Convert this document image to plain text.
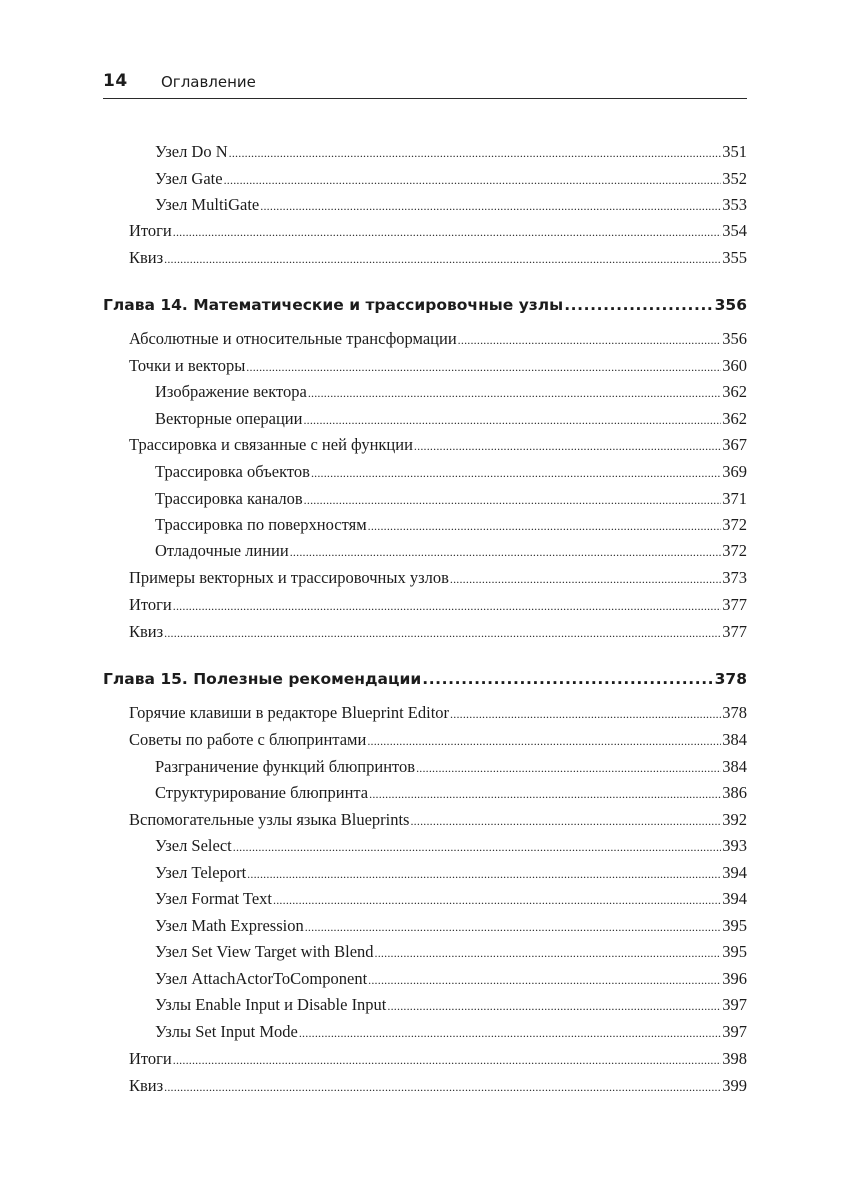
14 Оглавление
Узел Do N .....	351
Узел Gate .....	352
Узел MultiGate .....	353
Итоги .....	354
Квиз .....	355
Глава 14. Математические и трассировочные узлы .....	356
Абсолютные и относительные трансформации .....	356
Точки и векторы .....	360
Изображение вектора .....	362
Векторные операции .....	362
Трассировка и связанные с ней функции .....	367
Трассировка объектов .....	369
Трассировка каналов .....	371
Трассировка по поверхностям .....	372
Отладочные линии .....	372
Примеры векторных и трассировочных узлов .....	373
Итоги .....	377
Квиз .....	377
Глава 15. Полезные рекомендации .....	378
Горячие клавиши в редакторе Blueprint Editor .....	378
Советы по работе с блюпринтами .....	384
Разграничение функций блюпринтов .....	384
Структурирование блюпринта .....	386
Вспомогательные узлы языка Blueprints .....	392
Узел Select .....	393
Узел Teleport .....	394
Узел Format Text .....	394
Узел Math Expression .....	395
Узел Set View Target with Blend .....	395
Узел AttachActorToComponent .....	396
Узлы Enable Input и Disable Input .....	397
Узлы Set Input Mode .....	397
Итоги .....	398
Квиз .....	399
